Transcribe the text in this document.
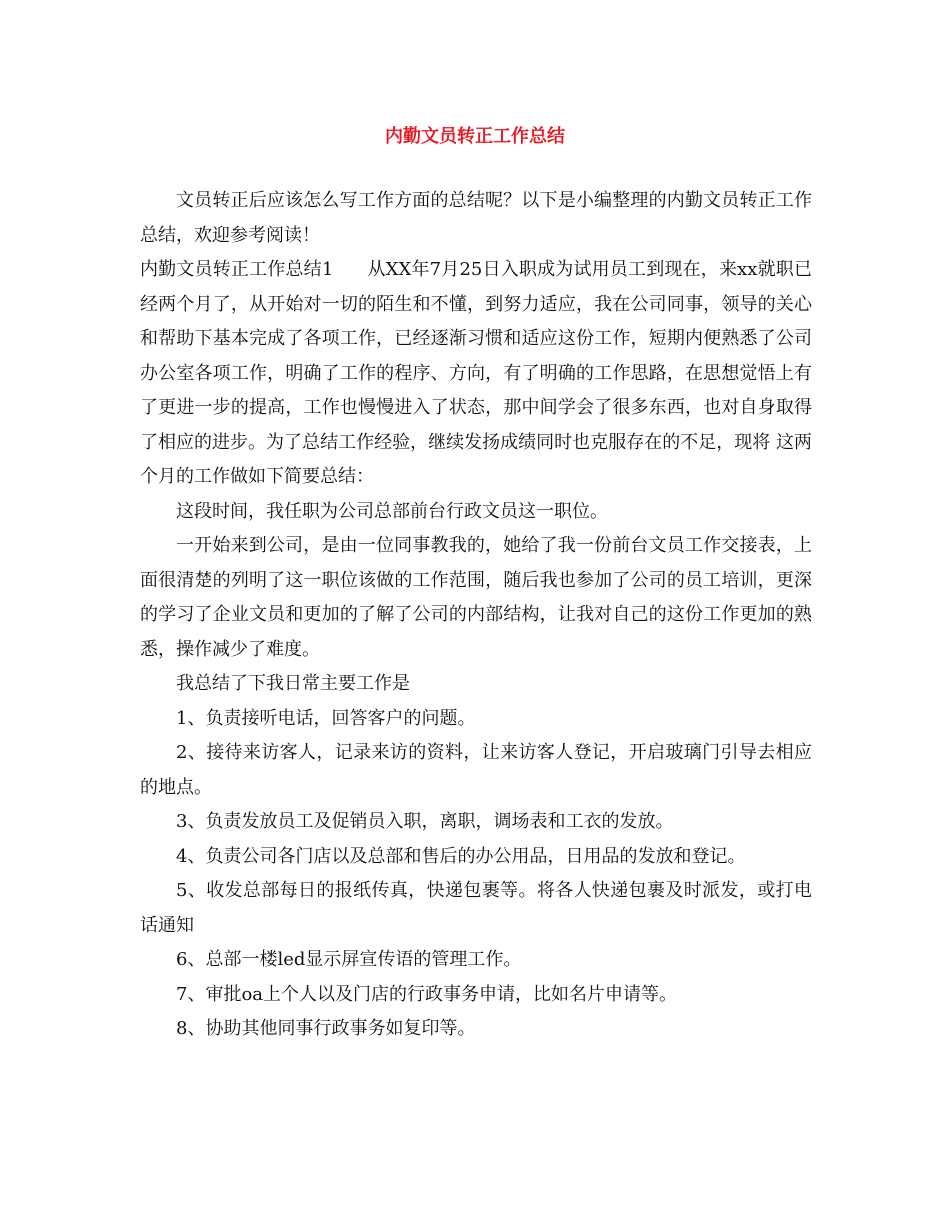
内勤文员转正工作总结

文员转正后应该怎么写工作方面的总结呢？以下是小编整理的内勤文员转正工作总结，欢迎参考阅读！

内勤文员转正工作总结1 从XX年7月25日入职成为试用员工到现在，来xx就职已经两个月了，从开始对一切的陌生和不懂，到努力适应，我在公司同事，领导的关心和帮助下基本完成了各项工作，已经逐渐习惯和适应这份工作，短期内便熟悉了公司办公室各项工作，明确了工作的程序、方向，有了明确的工作思路，在思想觉悟上有了更进一步的提高，工作也慢慢进入了状态，那中间学会了很多东西，也对自身取得了相应的进步。为了总结工作经验，继续发扬成绩同时也克服存在的不足，现将 这两个月的工作做如下简要总结：

这段时间，我任职为公司总部前台行政文员这一职位。

一开始来到公司，是由一位同事教我的，她给了我一份前台文员工作交接表，上面很清楚的列明了这一职位该做的工作范围，随后我也参加了公司的员工培训，更深的学习了企业文员和更加的了解了公司的内部结构，让我对自己的这份工作更加的熟悉，操作减少了难度。

我总结了下我日常主要工作是

1、负责接听电话，回答客户的问题。

2、接待来访客人，记录来访的资料，让来访客人登记，开启玻璃门引导去相应的地点。

3、负责发放员工及促销员入职，离职，调场表和工衣的发放。

4、负责公司各门店以及总部和售后的办公用品，日用品的发放和登记。

5、收发总部每日的报纸传真，快递包裹等。将各人快递包裹及时派发，或打电话通知

6、总部一楼led显示屏宣传语的管理工作。

7、审批oa上个人以及门店的行政事务申请，比如名片申请等。

8、协助其他同事行政事务如复印等。
